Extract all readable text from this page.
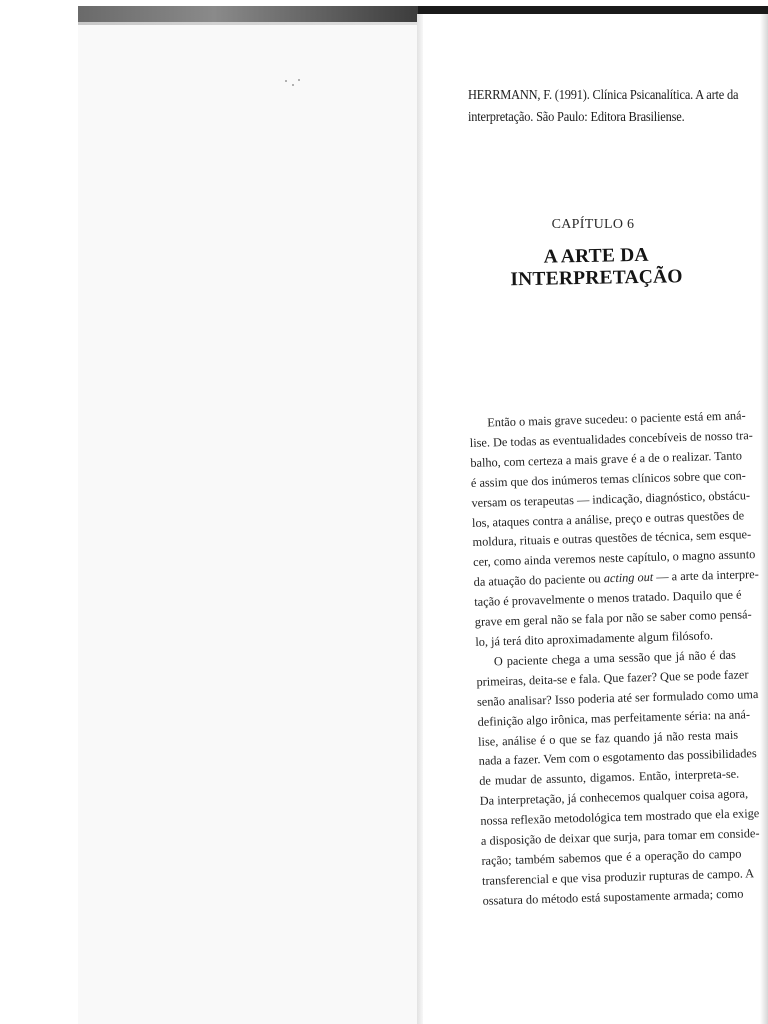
HERRMANN, F. (1991). Clínica Psicanalítica. A arte da
interpretação. São Paulo: Editora Brasiliense.
CAPÍTULO 6
A ARTE DA INTERPRETAÇÃO
Então o mais grave sucedeu: o paciente está em aná-
lise. De todas as eventualidades concebíveis de nosso tra-
balho, com certeza a mais grave é a de o realizar. Tanto
é assim que dos inúmeros temas clínicos sobre que con-
versam os terapeutas — indicação, diagnóstico, obstácu-
los, ataques contra a análise, preço e outras questões de
moldura, rituais e outras questões de técnica, sem esque-
cer, como ainda veremos neste capítulo, o magno assunto
da atuação do paciente ou acting out — a arte da interpre-
tação é provavelmente o menos tratado. Daquilo que é
grave em geral não se fala por não se saber como pensá-
lo, já terá dito aproximadamente algum filósofo.
O paciente chega a uma sessão que já não é das
primeiras, deita-se e fala. Que fazer? Que se pode fazer
senão analisar? Isso poderia até ser formulado como uma
definição algo irônica, mas perfeitamente séria: na aná-
lise, análise é o que se faz quando já não resta mais
nada a fazer. Vem com o esgotamento das possibilidades
de mudar de assunto, digamos. Então, interpreta-se.
Da interpretação, já conhecemos qualquer coisa agora,
nossa reflexão metodológica tem mostrado que ela exige
a disposição de deixar que surja, para tomar em conside-
ração; também sabemos que é a operação do campo
transferencial e que visa produzir rupturas de campo. A
ossatura do método está supostamente armada; como
